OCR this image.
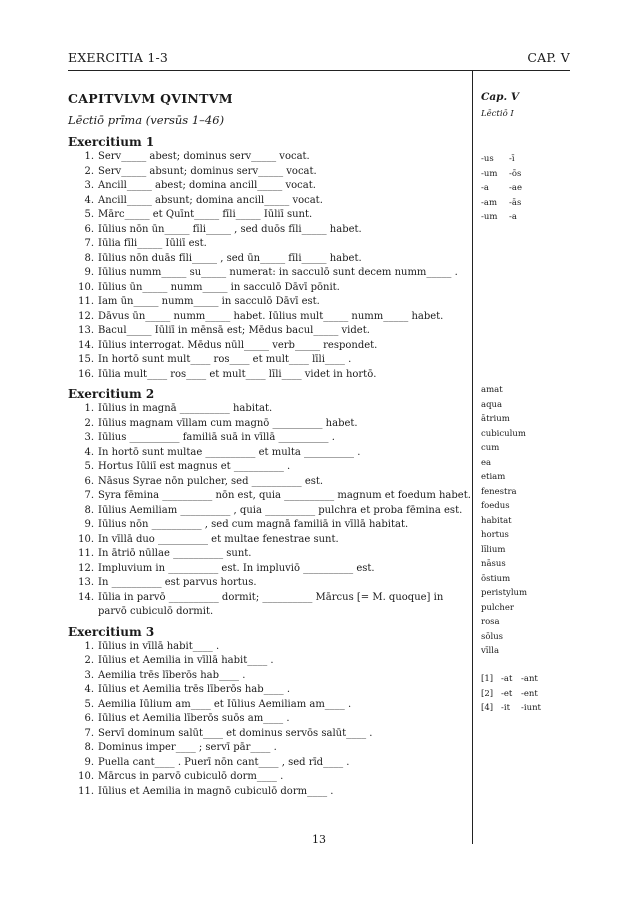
EXERCITIA 1-3	CAP. V
CAPITVLVM QVINTVM
Lēctiō prīma (versūs 1–46)
Exercitium 1
1. Serv_____ abest; dominus serv_____ vocat.
2. Serv_____ absunt; dominus serv_____ vocat.
3. Ancill_____ abest; domina ancill_____ vocat.
4. Ancill_____ absunt; domina ancill_____ vocat.
5. Mārc_____ et Quīnt_____ fīli_____ Iūliī sunt.
6. Iūlius nōn ūn_____ fīli_____ , sed duōs fīli_____ habet.
7. Iūlia fīli_____ Iūliī est.
8. Iūlius nōn duās fīli_____ , sed ūn_____ fīli_____ habet.
9. Iūlius numm_____ su_____ numerat: in sacculō sunt decem numm_____ .
10. Iūlius ūn_____ numm_____ in sacculō Dāvī pōnit.
11. Iam ūn_____ numm_____ in sacculō Dāvī est.
12. Dāvus ūn_____ numm_____ habet. Iūlius mult_____ numm_____ habet.
13. Bacul_____ Iūliī in mēnsā est; Mēdus bacul_____ videt.
14. Iūlius interrogat. Mēdus nūll_____ verb_____ respondet.
15. In hortō sunt mult____ ros____ et mult____ līli____ .
16. Iūlia mult____ ros____ et mult____ līli____ videt in hortō.
Exercitium 2
1. Iūlius in magnā __________ habitat.
2. Iūlius magnam vīllam cum magnō __________ habet.
3. Iūlius __________ familiā suā in vīllā __________ .
4. In hortō sunt multae __________ et multa __________ .
5. Hortus Iūliī est magnus et __________ .
6. Nāsus Syrae nōn pulcher, sed __________ est.
7. Syra fēmina __________ nōn est, quia __________ magnum et foedum habet.
8. Iūlius Aemiliam __________ , quia __________ pulchra et proba fēmina est.
9. Iūlius nōn __________ , sed cum magnā familiā in vīllā habitat.
10. In vīllā duo __________ et multae fenestrae sunt.
11. In ātriō nūllae __________ sunt.
12. Impluvium in __________ est. In impluviō __________ est.
13. In __________ est parvus hortus.
14. Iūlia in parvō __________ dormit; __________ Mārcus [= M. quoque] in parvō cubiculō dormit.
Exercitium 3
1. Iūlius in vīllā habit____ .
2. Iūlius et Aemilia in vīllā habit____ .
3. Aemilia trēs līberōs hab____ .
4. Iūlius et Aemilia trēs līberōs hab____ .
5. Aemilia Iūlium am____ et Iūlius Aemiliam am____ .
6. Iūlius et Aemilia līberōs suōs am____ .
7. Servī dominum salūt____ et dominus servōs salūt____ .
8. Dominus imper____ ; servī pār____ .
9. Puella cant____ . Puerī nōn cant____ , sed rīd____ .
10. Mārcus in parvō cubiculō dorm____ .
11. Iūlius et Aemilia in magnō cubiculō dorm____ .
Cap. V
Lēctiō I
-us	-ī
-um	-ōs
-a	-ae
-am	-ās
-um	-a
amat
aqua
ātrium
cubiculum
cum
ea
etiam
fenestra
foedus
habitat
hortus
līlium
nāsus
ōstium
peristylum
pulcher
rosa
sōlus
vīlla
[1] -at	-ant
[2] -et	-ent
[4] -it	-iunt
13
